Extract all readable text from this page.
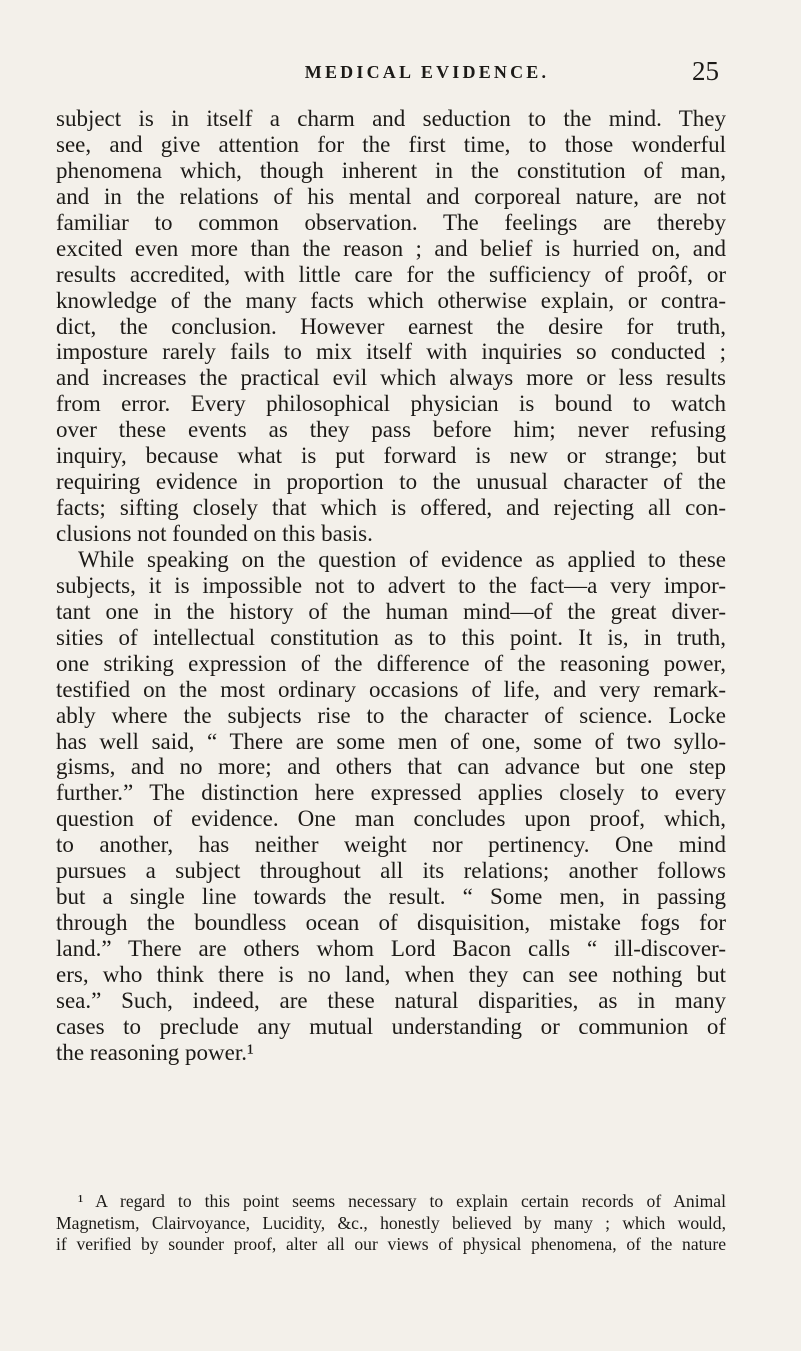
MEDICAL EVIDENCE.	25
subject is in itself a charm and seduction to the mind. They
see, and give attention for the first time, to those wonderful
phenomena which, though inherent in the constitution of man,
and in the relations of his mental and corporeal nature, are not
familiar to common observation. The feelings are thereby
excited even more than the reason ; and belief is hurried on, and
results accredited, with little care for the sufficiency of proôf, or
knowledge of the many facts which otherwise explain, or contra-
dict, the conclusion. However earnest the desire for truth,
imposture rarely fails to mix itself with inquiries so conducted ;
and increases the practical evil which always more or less results
from error. Every philosophical physician is bound to watch
over these events as they pass before him; never refusing
inquiry, because what is put forward is new or strange; but
requiring evidence in proportion to the unusual character of the
facts; sifting closely that which is offered, and rejecting all con-
clusions not founded on this basis.
While speaking on the question of evidence as applied to these
subjects, it is impossible not to advert to the fact—a very impor-
tant one in the history of the human mind—of the great diver-
sities of intellectual constitution as to this point. It is, in truth,
one striking expression of the difference of the reasoning power,
testified on the most ordinary occasions of life, and very remark-
ably where the subjects rise to the character of science. Locke
has well said, “ There are some men of one, some of two syllo-
gisms, and no more; and others that can advance but one step
further.” The distinction here expressed applies closely to every
question of evidence. One man concludes upon proof, which,
to another, has neither weight nor pertinency. One mind
pursues a subject throughout all its relations; another follows
but a single line towards the result. “ Some men, in passing
through the boundless ocean of disquisition, mistake fogs for
land.” There are others whom Lord Bacon calls “ ill-discover-
ers, who think there is no land, when they can see nothing but
sea.” Such, indeed, are these natural disparities, as in many
cases to preclude any mutual understanding or communion of
the reasoning power.¹
¹ A regard to this point seems necessary to explain certain records of Animal
Magnetism, Clairvoyance, Lucidity, &c., honestly believed by many ; which would,
if verified by sounder proof, alter all our views of physical phenomena, of the nature
